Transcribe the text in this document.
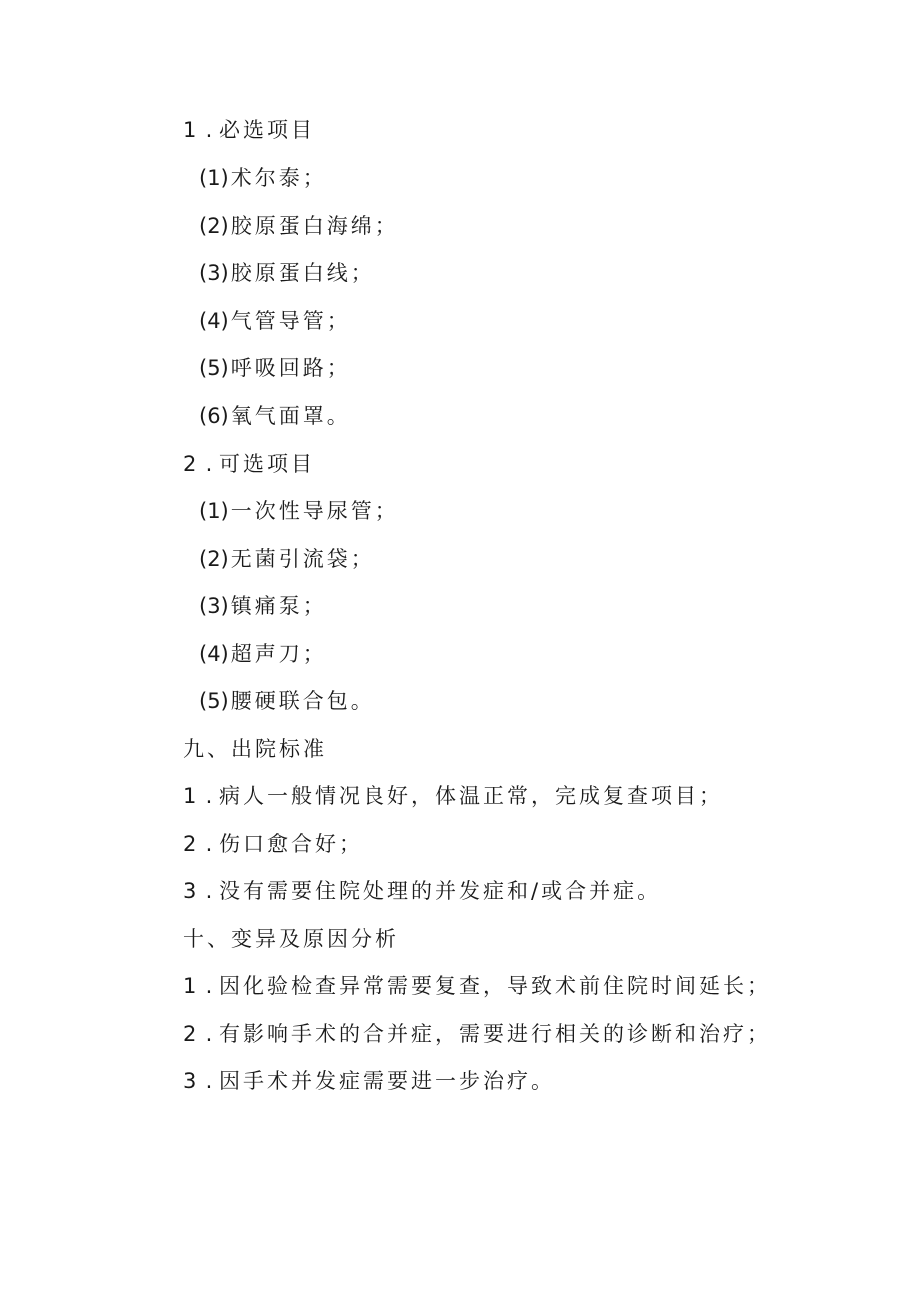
1 . 必选项目
(1)术尔泰；
(2)胶原蛋白海绵；
(3)胶原蛋白线；
(4)气管导管；
(5)呼吸回路；
(6)氧气面罩。
2 . 可选项目
(1)一次性导尿管；
(2)无菌引流袋；
(3)镇痛泵；
(4)超声刀；
(5)腰硬联合包。
九、出院标准
1 . 病人一般情况良好，体温正常，完成复查项目；
2 . 伤口愈合好；
3 . 没有需要住院处理的并发症和/或合并症。
十、变异及原因分析
1 . 因化验检查异常需要复查，导致术前住院时间延长；
2 . 有影响手术的合并症，需要进行相关的诊断和治疗；
3 . 因手术并发症需要进一步治疗。
